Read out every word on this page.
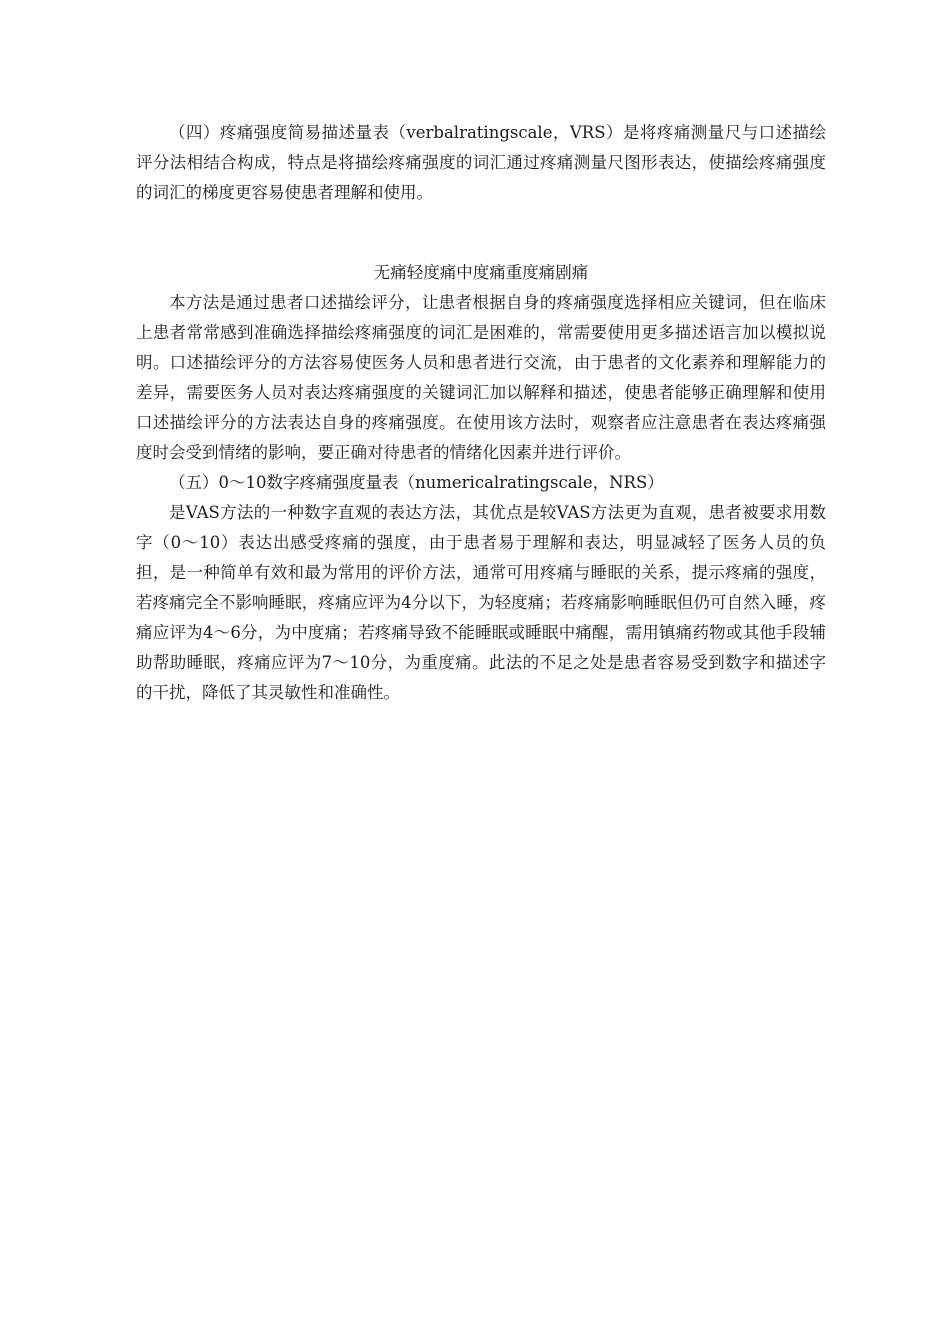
（四）疼痛强度简易描述量表（verbalratingscale，VRS）是将疼痛测量尺与口述描绘评分法相结合构成，特点是将描绘疼痛强度的词汇通过疼痛测量尺图形表达，使描绘疼痛强度的词汇的梯度更容易使患者理解和使用。

无痛轻度痛中度痛重度痛剧痛

本方法是通过患者口述描绘评分，让患者根据自身的疼痛强度选择相应关键词，但在临床上患者常常感到准确选择描绘疼痛强度的词汇是困难的，常需要使用更多描述语言加以模拟说明。口述描绘评分的方法容易使医务人员和患者进行交流，由于患者的文化素养和理解能力的差异，需要医务人员对表达疼痛强度的关键词汇加以解释和描述，使患者能够正确理解和使用口述描绘评分的方法表达自身的疼痛强度。在使用该方法时，观察者应注意患者在表达疼痛强度时会受到情绪的影响，要正确对待患者的情绪化因素并进行评价。

（五）0～10数字疼痛强度量表（numericalratingscale，NRS）

是VAS方法的一种数字直观的表达方法，其优点是较VAS方法更为直观，患者被要求用数字（0～10）表达出感受疼痛的强度，由于患者易于理解和表达，明显减轻了医务人员的负担，是一种简单有效和最为常用的评价方法，通常可用疼痛与睡眠的关系，提示疼痛的强度，若疼痛完全不影响睡眠，疼痛应评为4分以下，为轻度痛；若疼痛影响睡眠但仍可自然入睡，疼痛应评为4～6分，为中度痛；若疼痛导致不能睡眠或睡眠中痛醒，需用镇痛药物或其他手段辅助帮助睡眠，疼痛应评为7～10分，为重度痛。此法的不足之处是患者容易受到数字和描述字的干扰，降低了其灵敏性和准确性。
